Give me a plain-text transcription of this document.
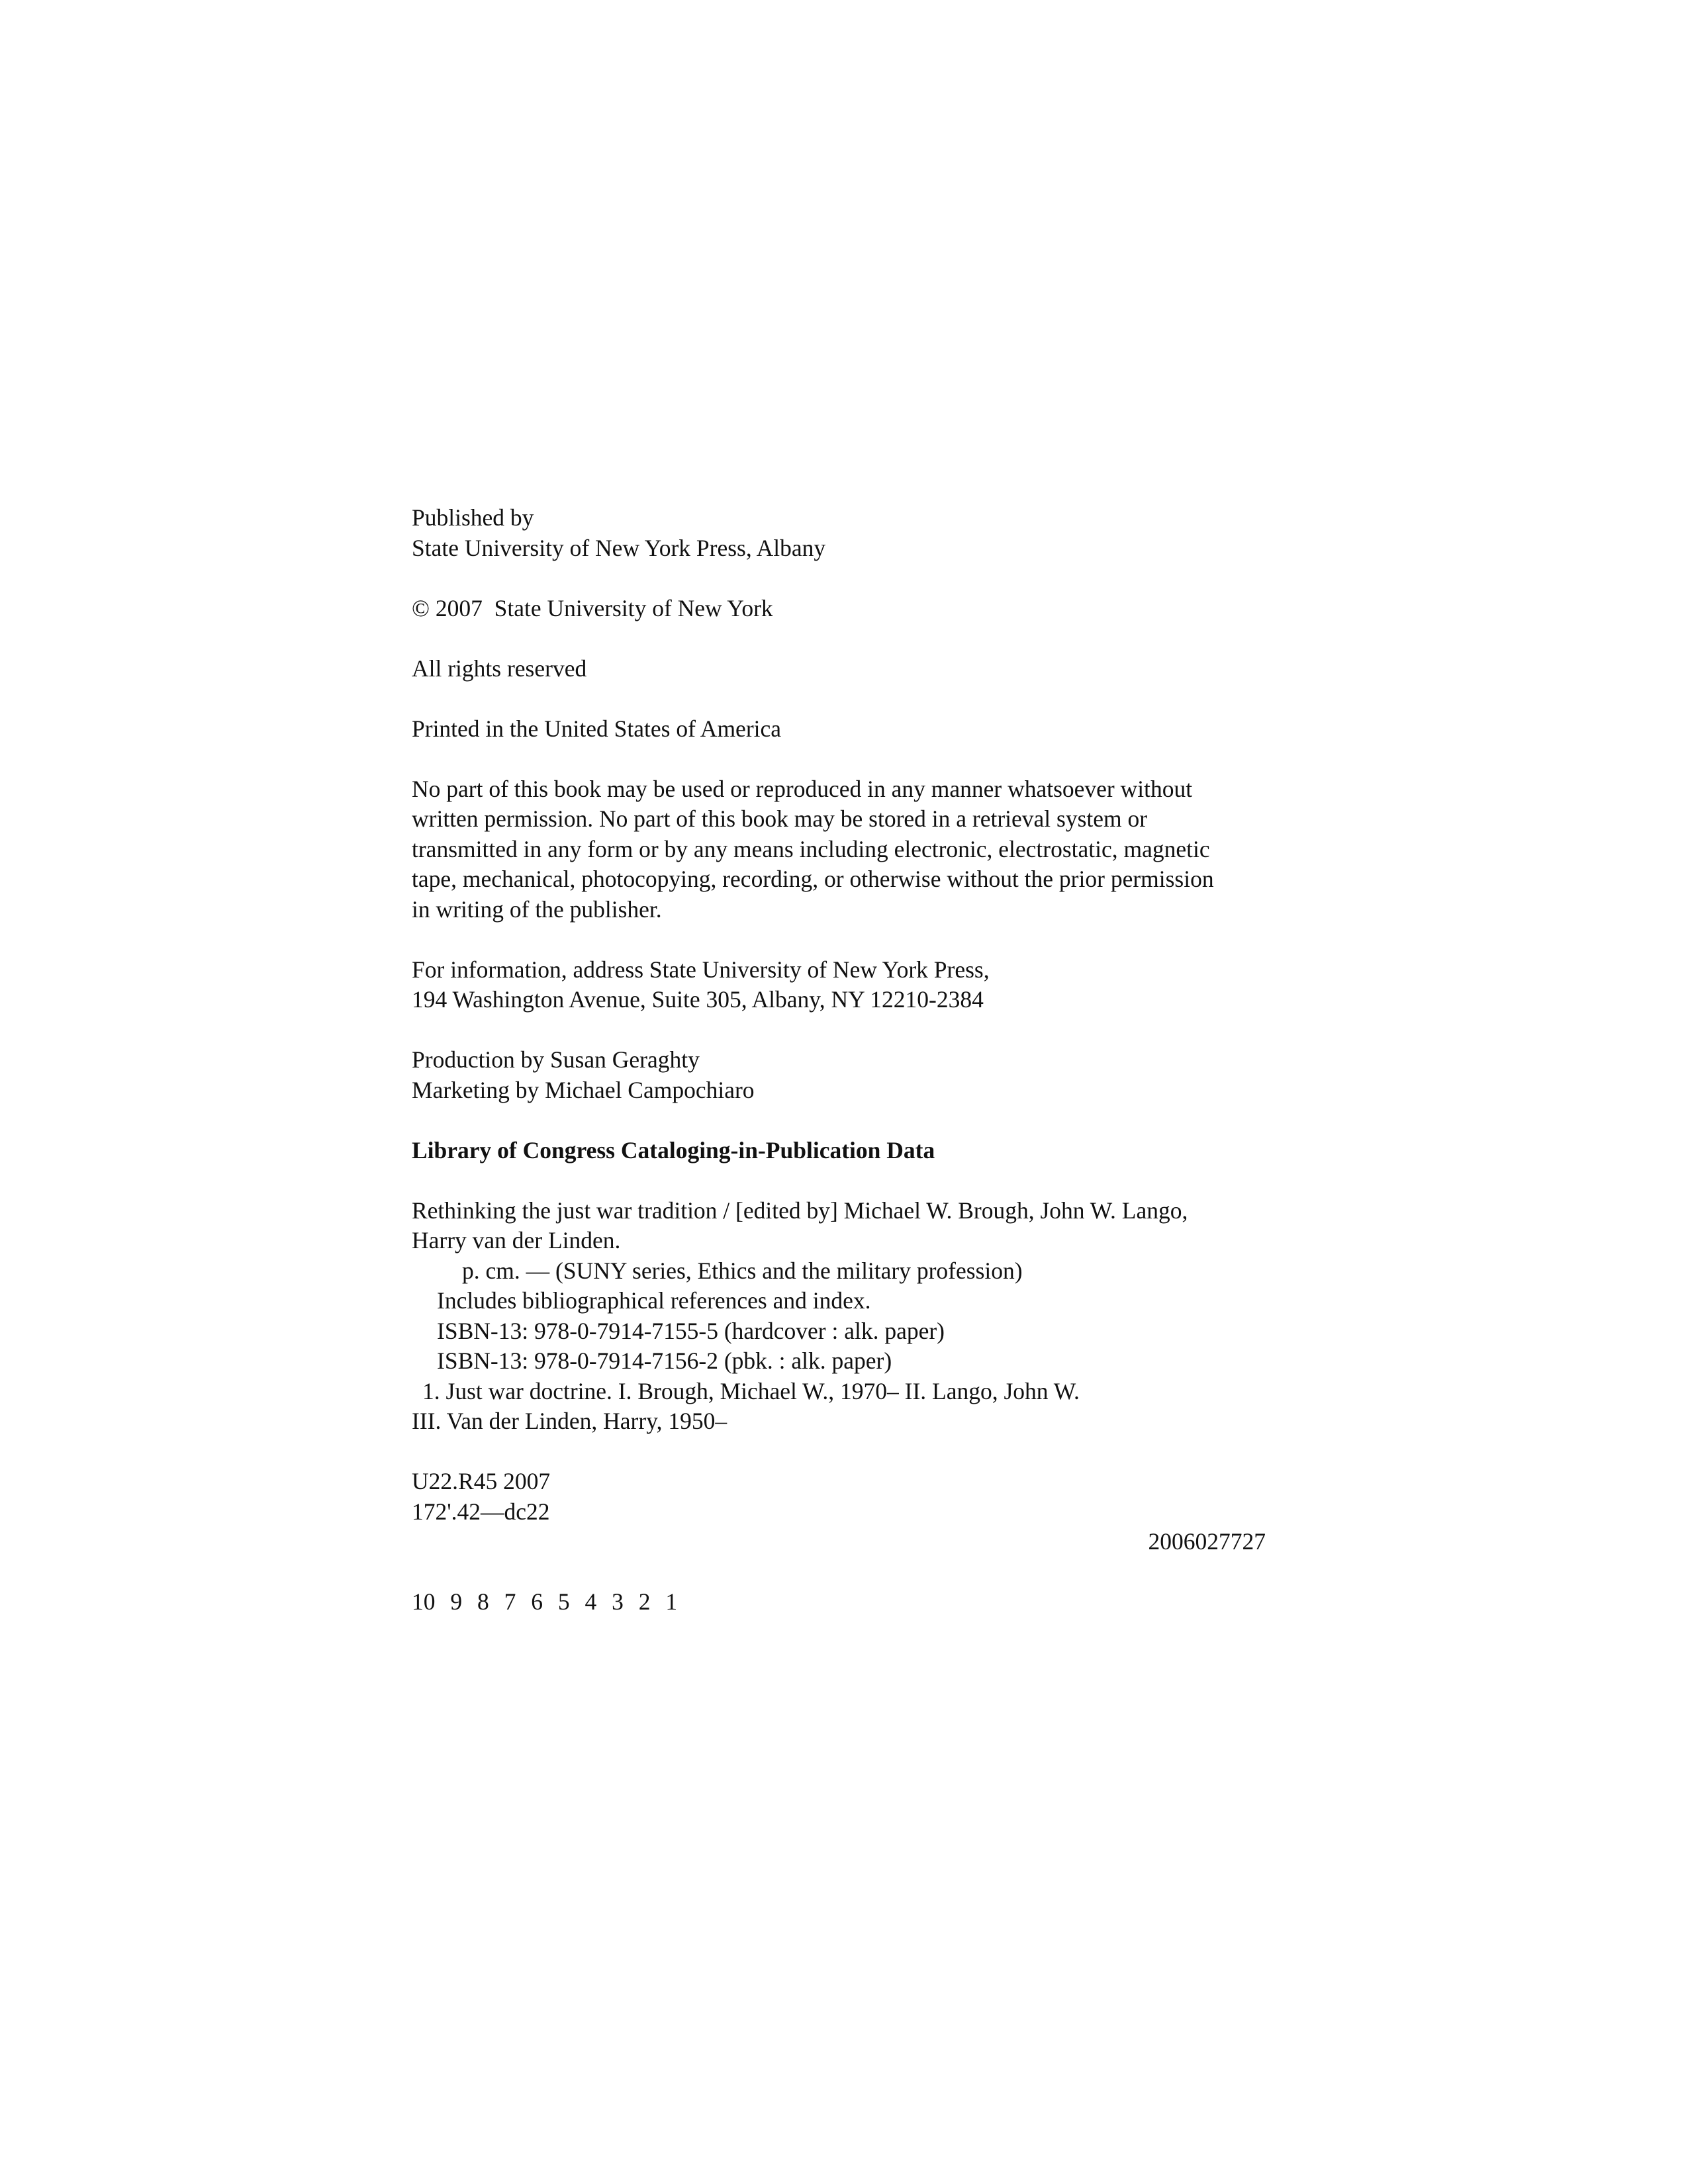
Published by
State University of New York Press, Albany
© 2007  State University of New York
All rights reserved
Printed in the United States of America
No part of this book may be used or reproduced in any manner whatsoever without
written permission. No part of this book may be stored in a retrieval system or
transmitted in any form or by any means including electronic, electrostatic, magnetic
tape, mechanical, photocopying, recording, or otherwise without the prior permission
in writing of the publisher.
For information, address State University of New York Press,
194 Washington Avenue, Suite 305, Albany, NY 12210-2384
Production by Susan Geraghty
Marketing by Michael Campochiaro
Library of Congress Cataloging-in-Publication Data
Rethinking the just war tradition / [edited by] Michael W. Brough, John W. Lango,
Harry van der Linden.
p. cm. — (SUNY series, Ethics and the military profession)
Includes bibliographical references and index.
ISBN-13: 978-0-7914-7155-5 (hardcover : alk. paper)
ISBN-13: 978-0-7914-7156-2 (pbk. : alk. paper)
1. Just war doctrine. I. Brough, Michael W., 1970– II. Lango, John W.
III. Van der Linden, Harry, 1950–
U22.R45 2007
172'.42—dc22
2006027727
10 9 8 7 6 5 4 3 2 1
